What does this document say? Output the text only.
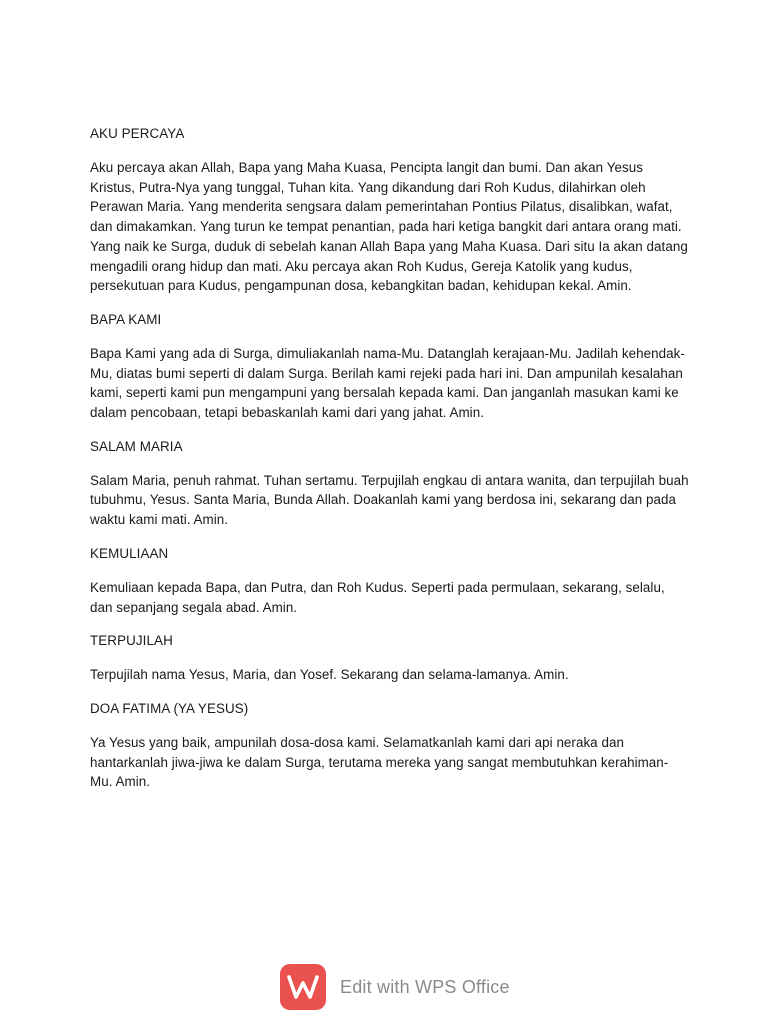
AKU PERCAYA
Aku percaya akan Allah, Bapa yang Maha Kuasa, Pencipta langit dan bumi. Dan akan Yesus Kristus, Putra-Nya yang tunggal, Tuhan kita. Yang dikandung dari Roh Kudus, dilahirkan oleh Perawan Maria. Yang menderita sengsara dalam pemerintahan Pontius Pilatus, disalibkan, wafat, dan dimakamkan. Yang turun ke tempat penantian, pada hari ketiga bangkit dari antara orang mati. Yang naik ke Surga, duduk di sebelah kanan Allah Bapa yang Maha Kuasa. Dari situ Ia akan datang mengadili orang hidup dan mati. Aku percaya akan Roh Kudus, Gereja Katolik yang kudus, persekutuan para Kudus, pengampunan dosa, kebangkitan badan, kehidupan kekal. Amin.
BAPA KAMI
Bapa Kami yang ada di Surga, dimuliakanlah nama-Mu. Datanglah kerajaan-Mu. Jadilah kehendak-Mu, diatas bumi seperti di dalam Surga. Berilah kami rejeki pada hari ini. Dan ampunilah kesalahan kami, seperti kami pun mengampuni yang bersalah kepada kami. Dan janganlah masukan kami ke dalam pencobaan, tetapi bebaskanlah kami dari yang jahat. Amin.
SALAM MARIA
Salam Maria, penuh rahmat. Tuhan sertamu. Terpujilah engkau di antara wanita, dan terpujilah buah tubuhmu, Yesus. Santa Maria, Bunda Allah. Doakanlah kami yang berdosa ini, sekarang dan pada waktu kami mati. Amin.
KEMULIAAN
Kemuliaan kepada Bapa, dan Putra, dan Roh Kudus. Seperti pada permulaan, sekarang, selalu, dan sepanjang segala abad. Amin.
TERPUJILAH
Terpujilah nama Yesus, Maria, dan Yosef. Sekarang dan selama-lamanya. Amin.
DOA FATIMA (YA YESUS)
Ya Yesus yang baik, ampunilah dosa-dosa kami. Selamatkanlah kami dari api neraka dan hantarkanlah jiwa-jiwa ke dalam Surga, terutama mereka yang sangat membutuhkan kerahiman-Mu. Amin.
Edit with WPS Office
